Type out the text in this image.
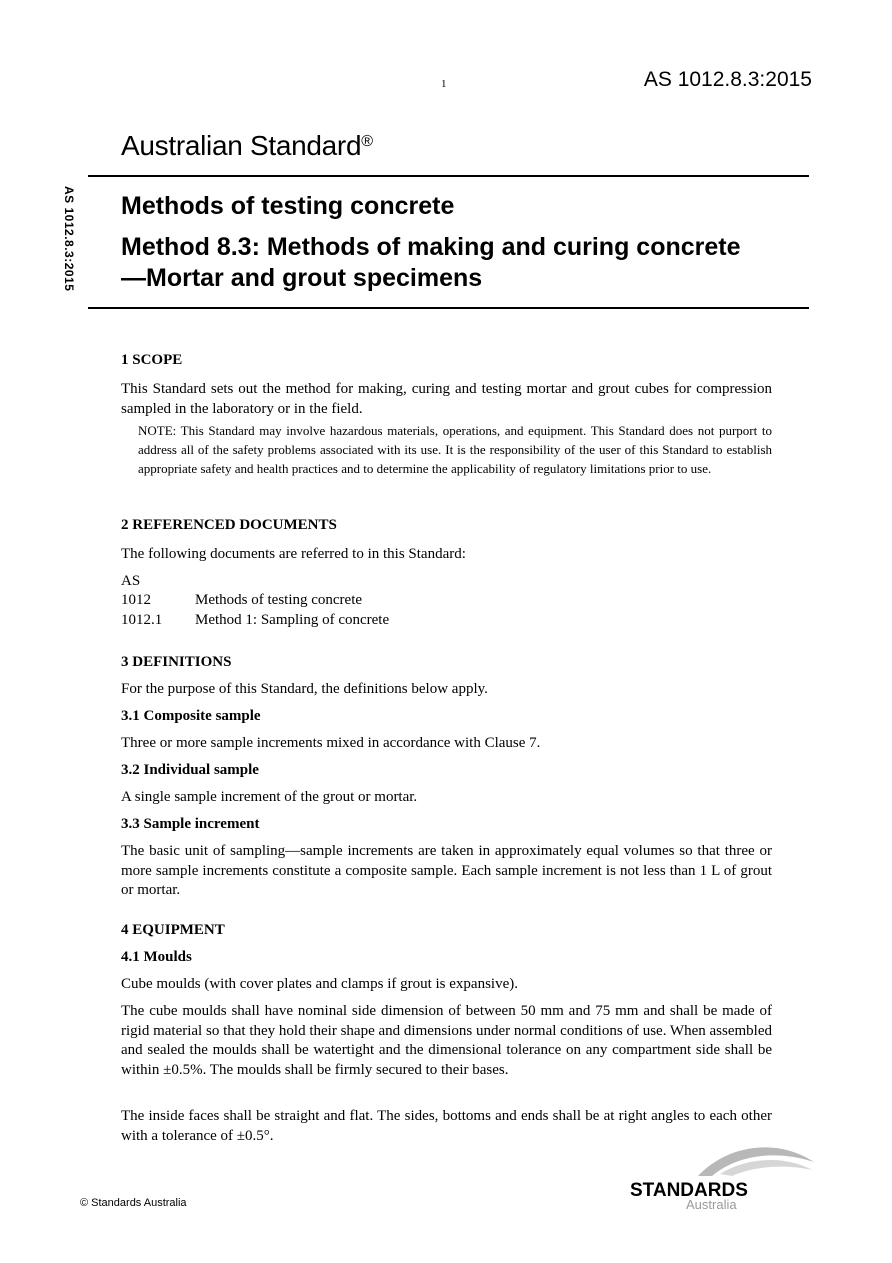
1	AS 1012.8.3:2015
AS 1012.8.3:2015
Australian Standard®
Methods of testing concrete
Method 8.3: Methods of making and curing concrete—Mortar and grout specimens
1 SCOPE
This Standard sets out the method for making, curing and testing mortar and grout cubes for compression sampled in the laboratory or in the field.
NOTE: This Standard may involve hazardous materials, operations, and equipment. This Standard does not purport to address all of the safety problems associated with its use. It is the responsibility of the user of this Standard to establish appropriate safety and health practices and to determine the applicability of regulatory limitations prior to use.
2 REFERENCED DOCUMENTS
The following documents are referred to in this Standard:
AS
1012	Methods of testing concrete
1012.1 Method 1: Sampling of concrete
3 DEFINITIONS
For the purpose of this Standard, the definitions below apply.
3.1 Composite sample
Three or more sample increments mixed in accordance with Clause 7.
3.2 Individual sample
A single sample increment of the grout or mortar.
3.3 Sample increment
The basic unit of sampling—sample increments are taken in approximately equal volumes so that three or more sample increments constitute a composite sample. Each sample increment is not less than 1 L of grout or mortar.
4 EQUIPMENT
4.1 Moulds
Cube moulds (with cover plates and clamps if grout is expansive).
The cube moulds shall have nominal side dimension of between 50 mm and 75 mm and shall be made of rigid material so that they hold their shape and dimensions under normal conditions of use. When assembled and sealed the moulds shall be watertight and the dimensional tolerance on any compartment side shall be within ±0.5%. The moulds shall be firmly secured to their bases.
The inside faces shall be straight and flat. The sides, bottoms and ends shall be at right angles to each other with a tolerance of ±0.5°.
© Standards Australia
STANDARDS
Australia
